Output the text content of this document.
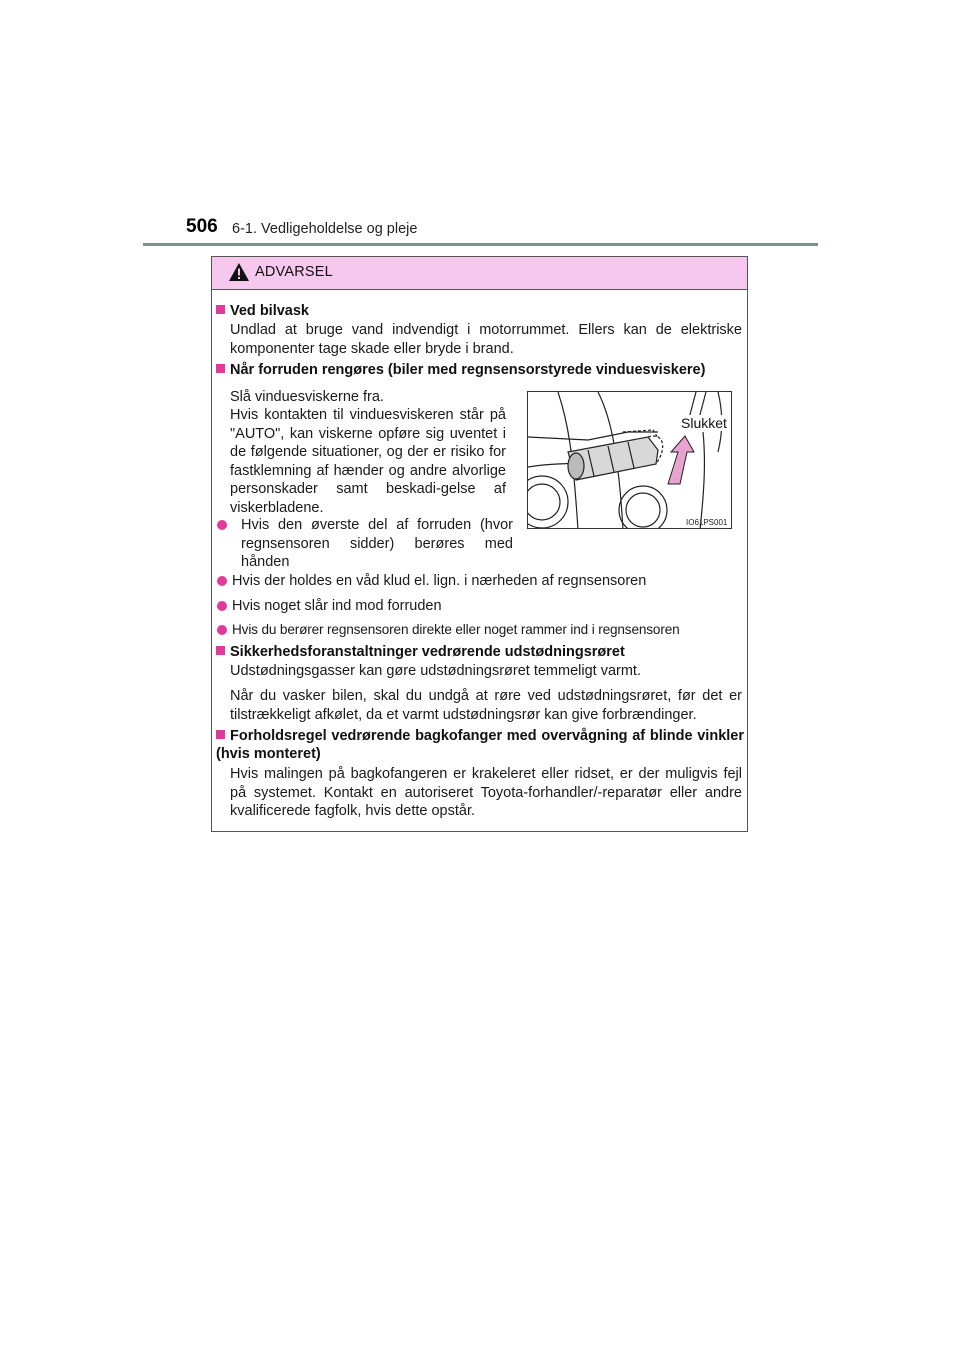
506 6-1. Vedligeholdelse og pleje
ADVARSEL
Ved bilvask
Undlad at bruge vand indvendigt i motorrummet. Ellers kan de elektriske komponenter tage skade eller bryde i brand.
Når forruden rengøres (biler med regnsensorstyrede vinduesviskere)
Slå vinduesviskerne fra.
Hvis kontakten til vinduesviskeren står på "AUTO", kan viskerne opføre sig uventet i de følgende situationer, og der er risiko for fastklemning af hænder og andre alvorlige personskader samt beskadi-gelse af viskerbladene.
Hvis den øverste del af forruden (hvor regnsensoren sidder) berøres med hånden
Slukket
IO61PS001
Hvis der holdes en våd klud el. lign. i nærheden af regnsensoren
Hvis noget slår ind mod forruden
Hvis du berører regnsensoren direkte eller noget rammer ind i regnsensoren
Sikkerhedsforanstaltninger vedrørende udstødningsrøret
Udstødningsgasser kan gøre udstødningsrøret temmeligt varmt.
Når du vasker bilen, skal du undgå at røre ved udstødningsrøret, før det er tilstrækkeligt afkølet, da et varmt udstødningsrør kan give forbrændinger.
Forholdsregel vedrørende bagkofanger med overvågning af blinde vinkler (hvis monteret)
Hvis malingen på bagkofangeren er krakeleret eller ridset, er der muligvis fejl på systemet. Kontakt en autoriseret Toyota-forhandler/-reparatør eller andre kvalificerede fagfolk, hvis dette opstår.
